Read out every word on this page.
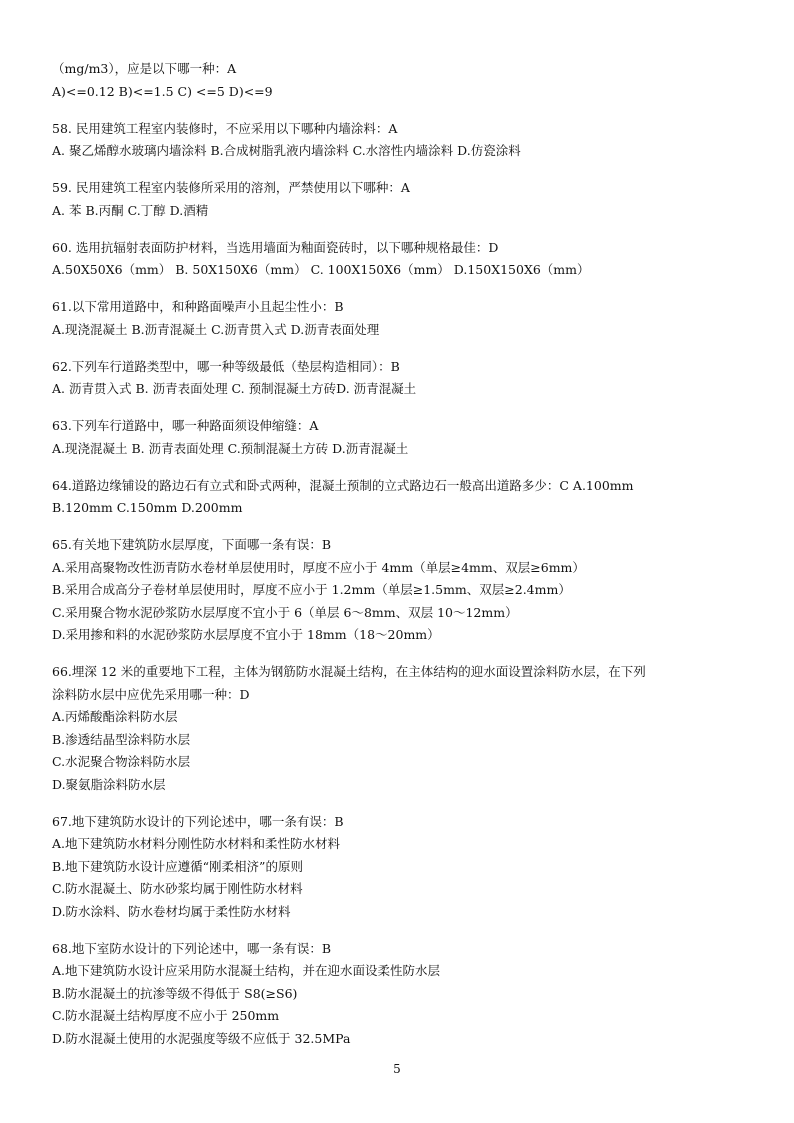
（mg/m3），应是以下哪一种：A
A)<=0.12 B)<=1.5 C) <=5 D)<=9
58. 民用建筑工程室内装修时，不应采用以下哪种内墙涂料：A
A. 聚乙烯醇水玻璃内墙涂料 B.合成树脂乳液内墙涂料 C.水溶性内墙涂料 D.仿瓷涂料
59. 民用建筑工程室内装修所采用的溶剂，严禁使用以下哪种：A
A. 苯 B.丙酮 C.丁醇 D.酒精
60. 选用抗辐射表面防护材料，当选用墙面为釉面瓷砖时，以下哪种规格最佳：D
A.50X50X6（mm） B. 50X150X6（mm） C. 100X150X6（mm） D.150X150X6（mm）
61.以下常用道路中，和种路面噪声小且起尘性小：B
A.现浇混凝土 B.沥青混凝土 C.沥青贯入式 D.沥青表面处理
62.下列车行道路类型中，哪一种等级最低（垫层构造相同）：B
A. 沥青贯入式 B. 沥青表面处理 C. 预制混凝土方砖D. 沥青混凝土
63.下列车行道路中，哪一种路面须设伸缩缝：A
A.现浇混凝土 B. 沥青表面处理 C.预制混凝土方砖 D.沥青混凝土
64.道路边缘铺设的路边石有立式和卧式两种，混凝土预制的立式路边石一般高出道路多少：C A.100mm
B.120mm C.150mm D.200mm
65.有关地下建筑防水层厚度，下面哪一条有误：B
A.采用高聚物改性沥青防水卷材单层使用时，厚度不应小于 4mm（单层≥4mm、双层≥6mm）
B.采用合成高分子卷材单层使用时，厚度不应小于 1.2mm（单层≥1.5mm、双层≥2.4mm）
C.采用聚合物水泥砂浆防水层厚度不宜小于 6（单层 6～8mm、双层 10～12mm）
D.采用掺和料的水泥砂浆防水层厚度不宜小于 18mm（18～20mm）
66.埋深 12 米的重要地下工程，主体为钢筋防水混凝土结构，在主体结构的迎水面设置涂料防水层，在下列
涂料防水层中应优先采用哪一种：D
A.丙烯酸酯涂料防水层
B.渗透结晶型涂料防水层
C.水泥聚合物涂料防水层
D.聚氨脂涂料防水层
67.地下建筑防水设计的下列论述中，哪一条有误：B
A.地下建筑防水材料分刚性防水材料和柔性防水材料
B.地下建筑防水设计应遵循“刚柔相济”的原则
C.防水混凝土、防水砂浆均属于刚性防水材料
D.防水涂料、防水卷材均属于柔性防水材料
68.地下室防水设计的下列论述中，哪一条有误：B
A.地下建筑防水设计应采用防水混凝土结构，并在迎水面设柔性防水层
B.防水混凝土的抗渗等级不得低于 S8(≥S6)
C.防水混凝土结构厚度不应小于 250mm
D.防水混凝土使用的水泥强度等级不应低于 32.5MPa
5
